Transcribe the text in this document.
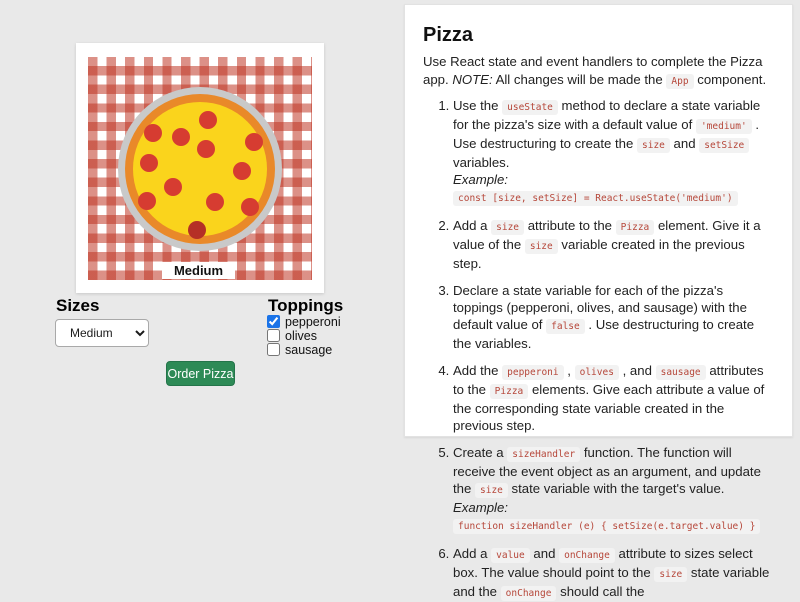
Medium
Sizes
Medium	Toppings
pepperoni
olives
sausage
Order Pizza
Pizza

Use React state and event handlers to complete the Pizza app. NOTE: All changes will be made the App component.

1. Use the useState method to declare a state variable for the pizza's size with a default value of 'medium' . Use destructuring to create the size and setSize variables.
Example: const [size, setSize] = React.useState('medium')
2. Add a size attribute to the Pizza element. Give it a value of the size variable created in the previous step.
3. Declare a state variable for each of the pizza's toppings (pepperoni, olives, and sausage) with the default value of false . Use destructuring to create the variables.
4. Add the pepperoni , olives , and sausage attributes to the Pizza elements. Give each attribute a value of the corresponding state variable created in the previous step.
5. Create a sizeHandler function. The function will receive the event object as an argument, and update the size state variable with the target's value.
Example: function sizeHandler (e) { setSize(e.target.value) }
6. Add a value and onChange attribute to sizes select box. The value should point to the size state variable and the onChange should call the
